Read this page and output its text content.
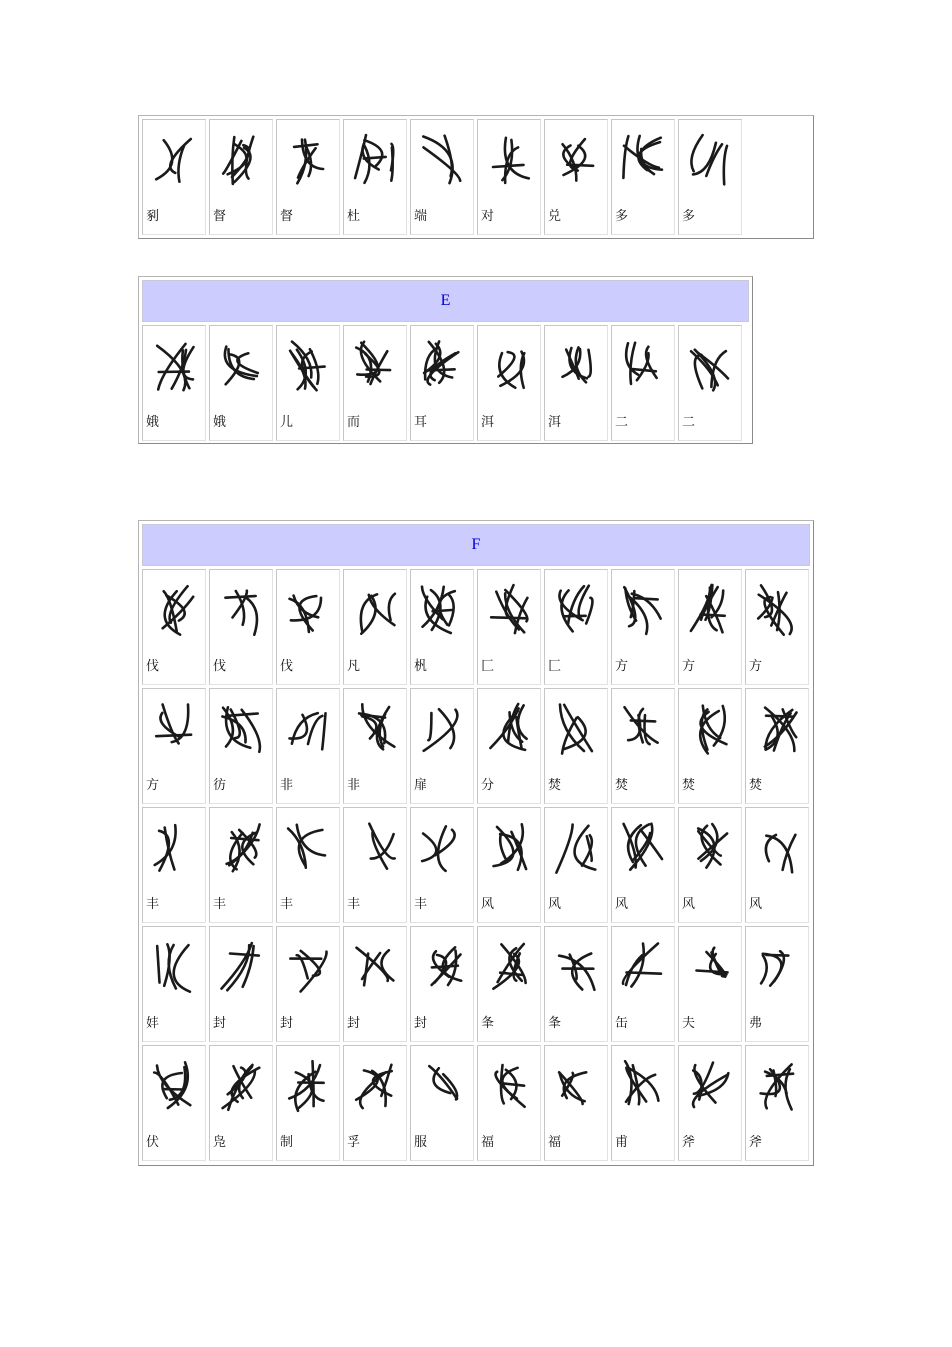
剢	督	督	杜	端	对	兑	多	多
E
娥	娥	儿	而	耳	洱	洱	二	二
F
伐	伐	伐	凡	杋	匚	匚	方	方	方
方	彷	非	非	扉	分	焚	焚	焚	焚
丰	丰	丰	丰	丰	风	风	风	风	风
妦	封	封	封	封	夆	夆	缶	夫	弗
伏	凫	制	孚	服	福	福	甫	斧	斧
